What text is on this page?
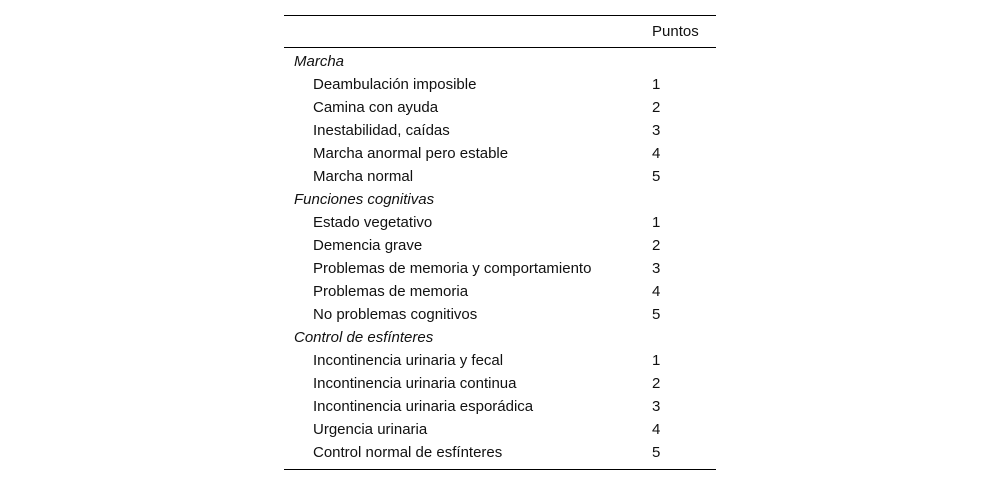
Puntos
Marcha
Deambulación imposible	1
Camina con ayuda	2
Inestabilidad, caídas	3
Marcha anormal pero estable	4
Marcha normal	5
Funciones cognitivas
Estado vegetativo	1
Demencia grave	2
Problemas de memoria y comportamiento	3
Problemas de memoria	4
No problemas cognitivos	5
Control de esfínteres
Incontinencia urinaria y fecal	1
Incontinencia urinaria continua	2
Incontinencia urinaria esporádica	3
Urgencia urinaria	4
Control normal de esfínteres	5
